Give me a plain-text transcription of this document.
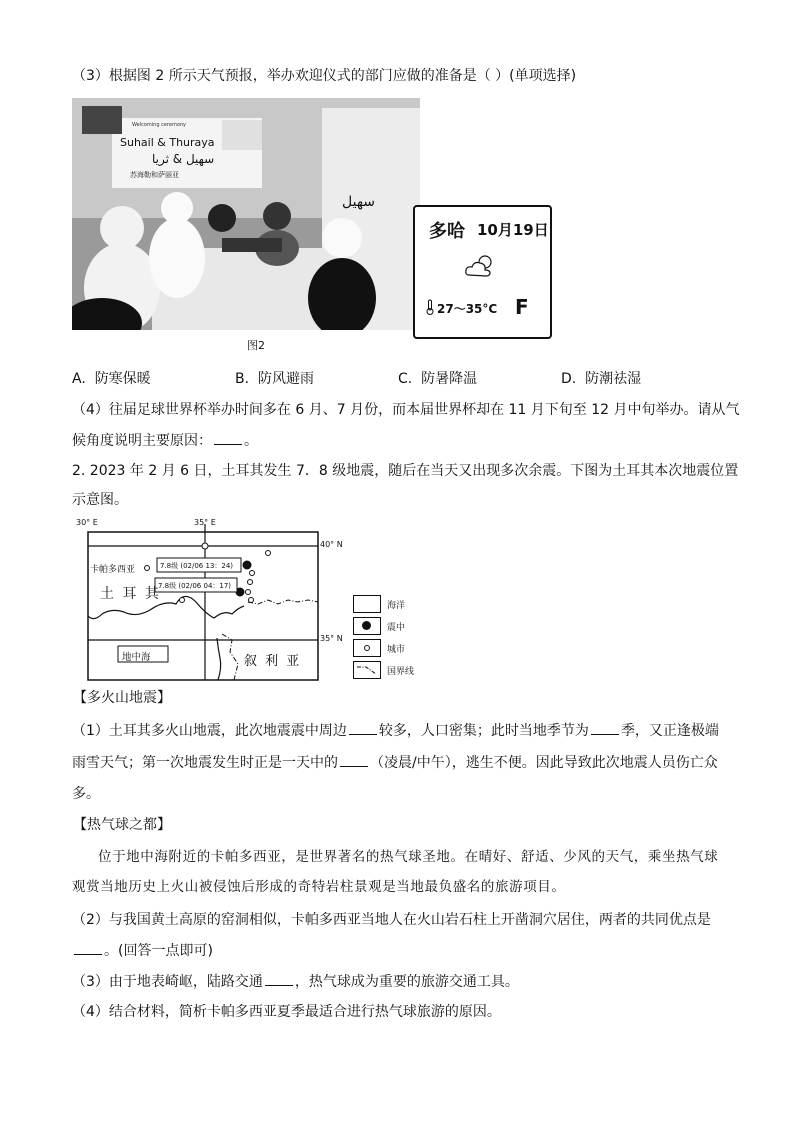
（3）根据图 2 所示天气预报，举办欢迎仪式的部门应做的准备是（ ）(单项选择)
Suhail & Thuraya
سهيل & ثريا
苏海勒和萨丽亚
Welcoming ceremony
سهيل
多哈 10月19日
27～35°C F
图2
A. 防寒保暖	B. 防风避雨	C. 防暑降温	D. 防潮祛湿
（4）往届足球世界杯举办时间多在 6 月、7 月份，而本届世界杯却在 11 月下旬至 12 月中旬举办。请从气
候角度说明主要原因： 。
2. 2023 年 2 月 6 日，土耳其发生 7．8 级地震，随后在当天又出现多次余震。下图为土耳其本次地震位置
示意图。
30° E	35° E
40° N
35° N
卡帕多西亚
土 耳 其
地中海	叙 利 亚
7.8级 (02/06 13：24)
7.8级 (02/06 04：17)
海洋
震中
城市
国界线
【多火山地震】
（1）土耳其多火山地震，此次地震震中周边 较多，人口密集；此时当地季节为 季，又正逢极端
雨雪天气；第一次地震发生时正是一天中的 （凌晨/中午），逃生不便。因此导致此次地震人员伤亡众
多。
【热气球之都】
位于地中海附近的卡帕多西亚，是世界著名的热气球圣地。在晴好、舒适、少风的天气，乘坐热气球
观赏当地历史上火山被侵蚀后形成的奇特岩柱景观是当地最负盛名的旅游项目。
（2）与我国黄土高原的窑洞相似，卡帕多西亚当地人在火山岩石柱上开凿洞穴居住，两者的共同优点是
。(回答一点即可)
（3）由于地表崎岖，陆路交通 ，热气球成为重要的旅游交通工具。
（4）结合材料，简析卡帕多西亚夏季最适合进行热气球旅游的原因。
